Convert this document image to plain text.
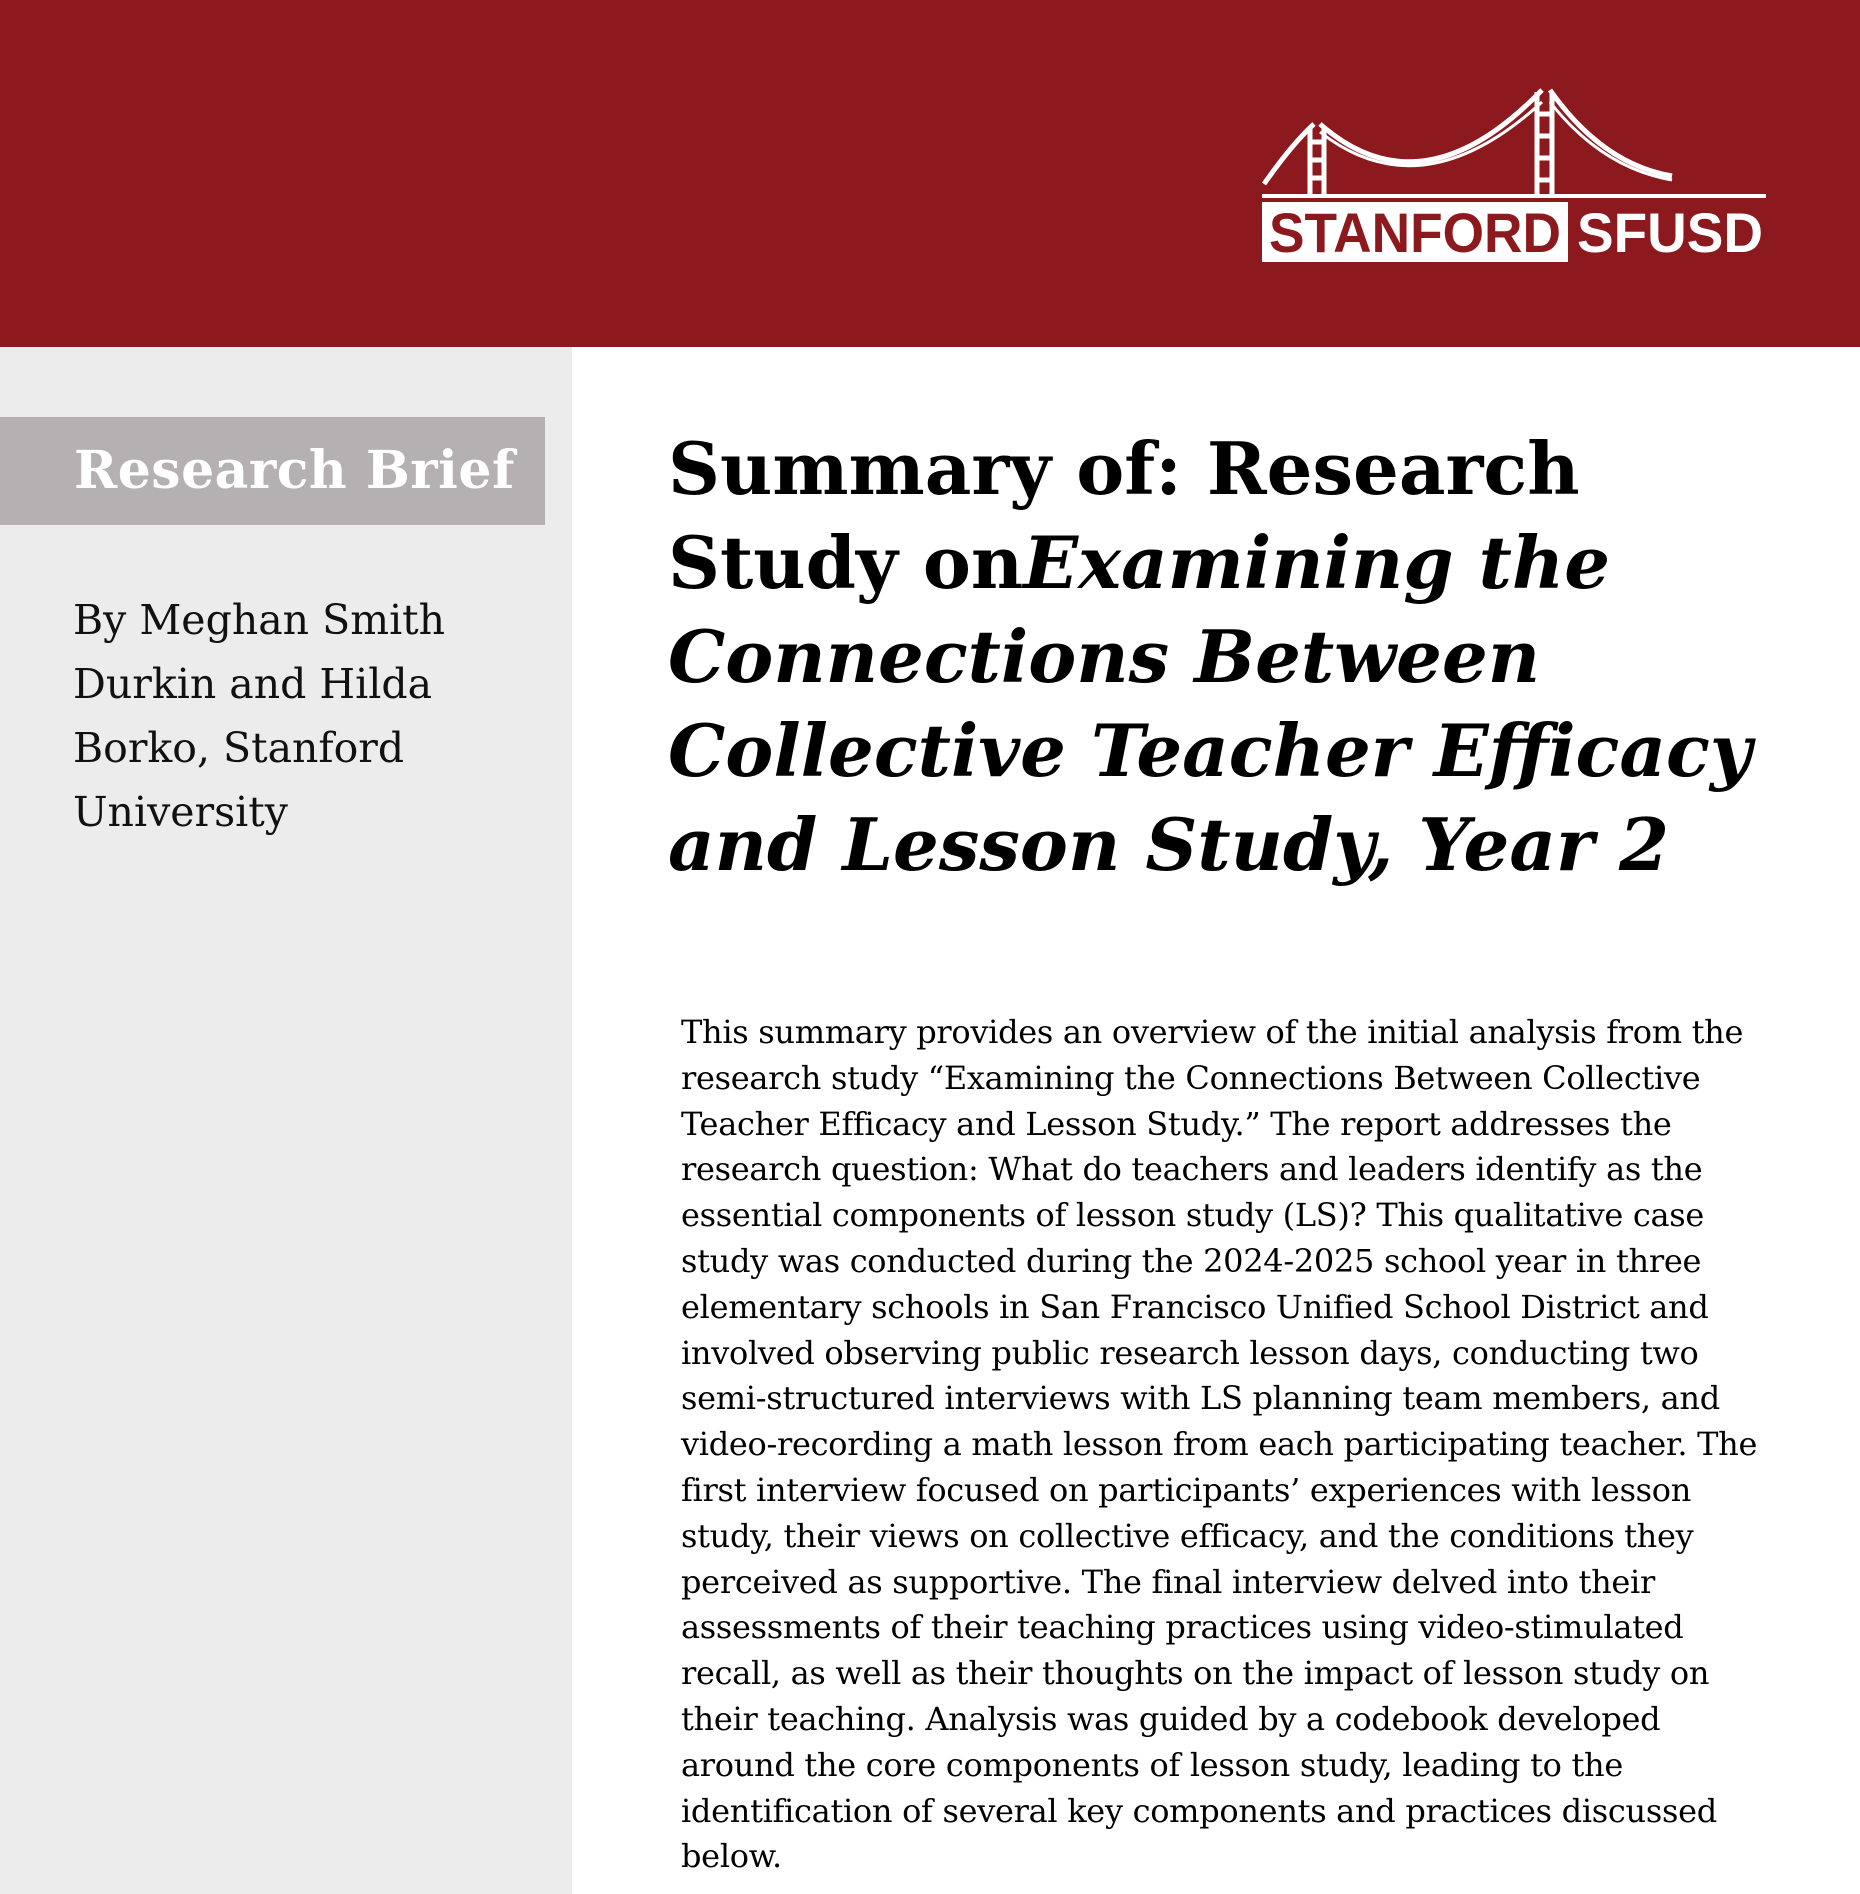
STANFORD SFUSD
Research Brief
By Meghan Smith Durkin and Hilda Borko, Stanford University
Summary of: Research Study onExamining the Connections Between Collective Teacher Efficacy and Lesson Study, Year 2

This summary provides an overview of the initial analysis from the research study “Examining the Connections Between Collective Teacher Efficacy and Lesson Study.” The report addresses the research question: What do teachers and leaders identify as the essential components of lesson study (LS)? This qualitative case study was conducted during the 2024-2025 school year in three elementary schools in San Francisco Unified School District and involved observing public research lesson days, conducting two semi-structured interviews with LS planning team members, and video-recording a math lesson from each participating teacher. The first interview focused on participants’ experiences with lesson study, their views on collective efficacy, and the conditions they perceived as supportive. The final interview delved into their assessments of their teaching practices using video-stimulated recall, as well as their thoughts on the impact of lesson study on their teaching. Analysis was guided by a codebook developed around the core components of lesson study, leading to the identification of several key components and practices discussed below.
